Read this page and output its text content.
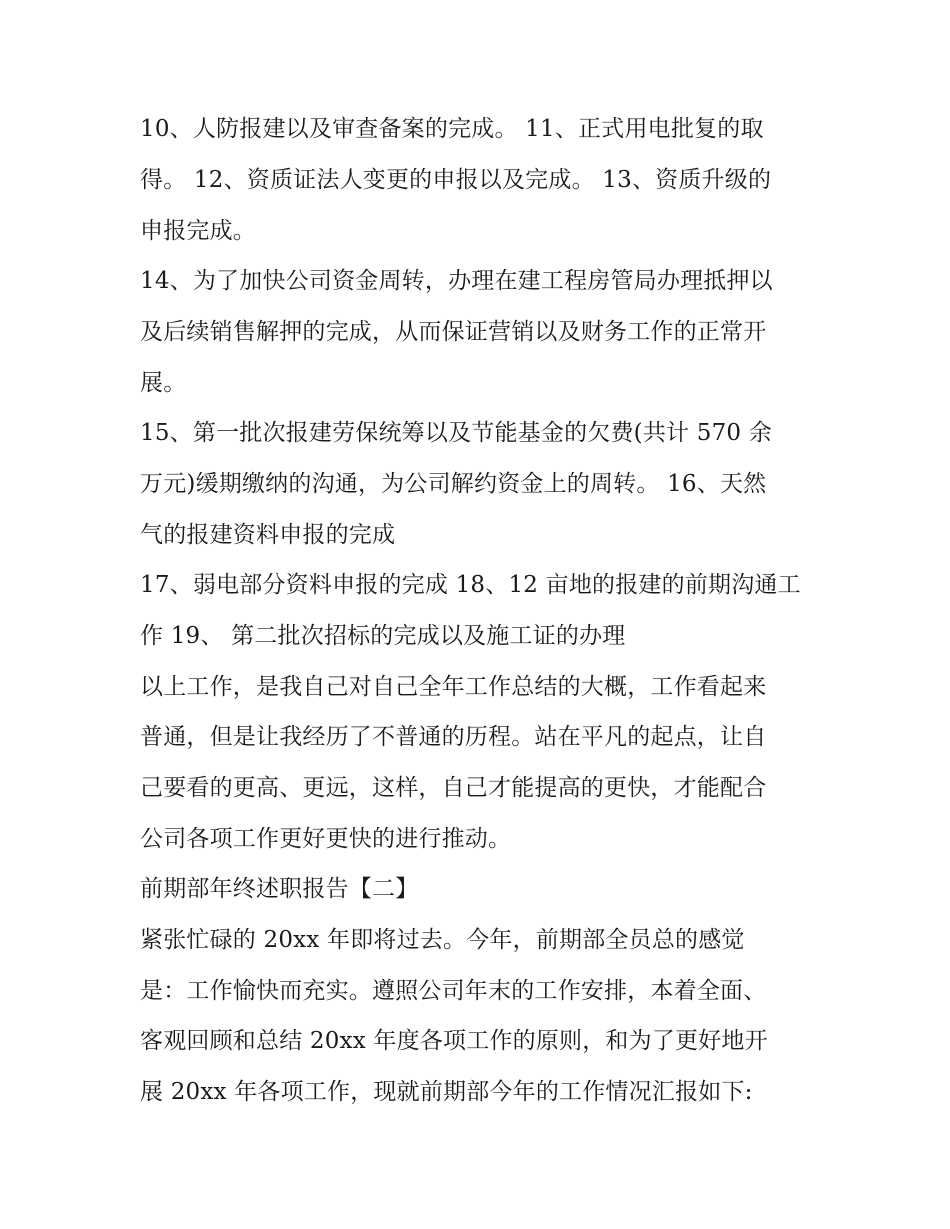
10、人防报建以及审查备案的完成。 11、正式用电批复的取
得。 12、资质证法人变更的申报以及完成。 13、资质升级的
申报完成。
14、为了加快公司资金周转，办理在建工程房管局办理抵押以
及后续销售解押的完成，从而保证营销以及财务工作的正常开
展。
15、第一批次报建劳保统筹以及节能基金的欠费(共计 570 余
万元)缓期缴纳的沟通，为公司解约资金上的周转。 16、天然
气的报建资料申报的完成
17、弱电部分资料申报的完成 18、12 亩地的报建的前期沟通工
作 19、 第二批次招标的完成以及施工证的办理
以上工作，是我自己对自己全年工作总结的大概，工作看起来
普通，但是让我经历了不普通的历程。站在平凡的起点，让自
己要看的更高、更远，这样，自己才能提高的更快，才能配合
公司各项工作更好更快的进行推动。
前期部年终述职报告【二】
紧张忙碌的 20xx 年即将过去。今年，前期部全员总的感觉
是：工作愉快而充实。遵照公司年末的工作安排，本着全面、
客观回顾和总结 20xx 年度各项工作的原则，和为了更好地开
展 20xx 年各项工作，现就前期部今年的工作情况汇报如下:
